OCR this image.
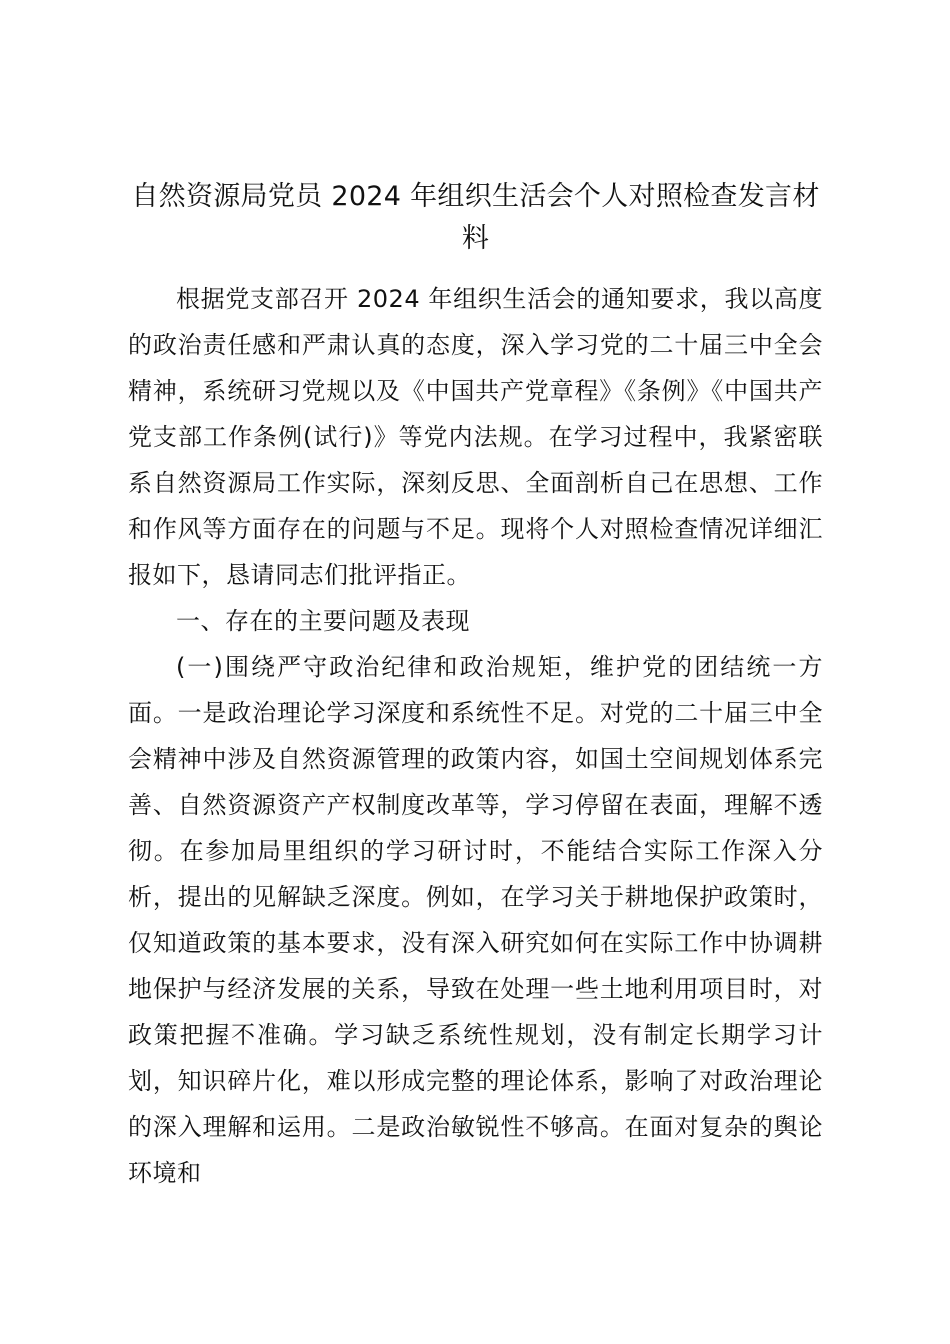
自然资源局党员 2024 年组织生活会个人对照检查发言材料

根据党支部召开 2024 年组织生活会的通知要求，我以高度的政治责任感和严肃认真的态度，深入学习党的二十届三中全会精神，系统研习党规以及《中国共产党章程》《条例》《中国共产党支部工作条例(试行)》等党内法规。在学习过程中，我紧密联系自然资源局工作实际，深刻反思、全面剖析自己在思想、工作和作风等方面存在的问题与不足。现将个人对照检查情况详细汇报如下，恳请同志们批评指正。

一、存在的主要问题及表现

(一)围绕严守政治纪律和政治规矩，维护党的团结统一方面。一是政治理论学习深度和系统性不足。对党的二十届三中全会精神中涉及自然资源管理的政策内容，如国土空间规划体系完善、自然资源资产产权制度改革等，学习停留在表面，理解不透彻。在参加局里组织的学习研讨时，不能结合实际工作深入分析，提出的见解缺乏深度。例如，在学习关于耕地保护政策时，仅知道政策的基本要求，没有深入研究如何在实际工作中协调耕地保护与经济发展的关系，导致在处理一些土地利用项目时，对政策把握不准确。学习缺乏系统性规划，没有制定长期学习计划，知识碎片化，难以形成完整的理论体系，影响了对政治理论的深入理解和运用。二是政治敏锐性不够高。在面对复杂的舆论环境和
